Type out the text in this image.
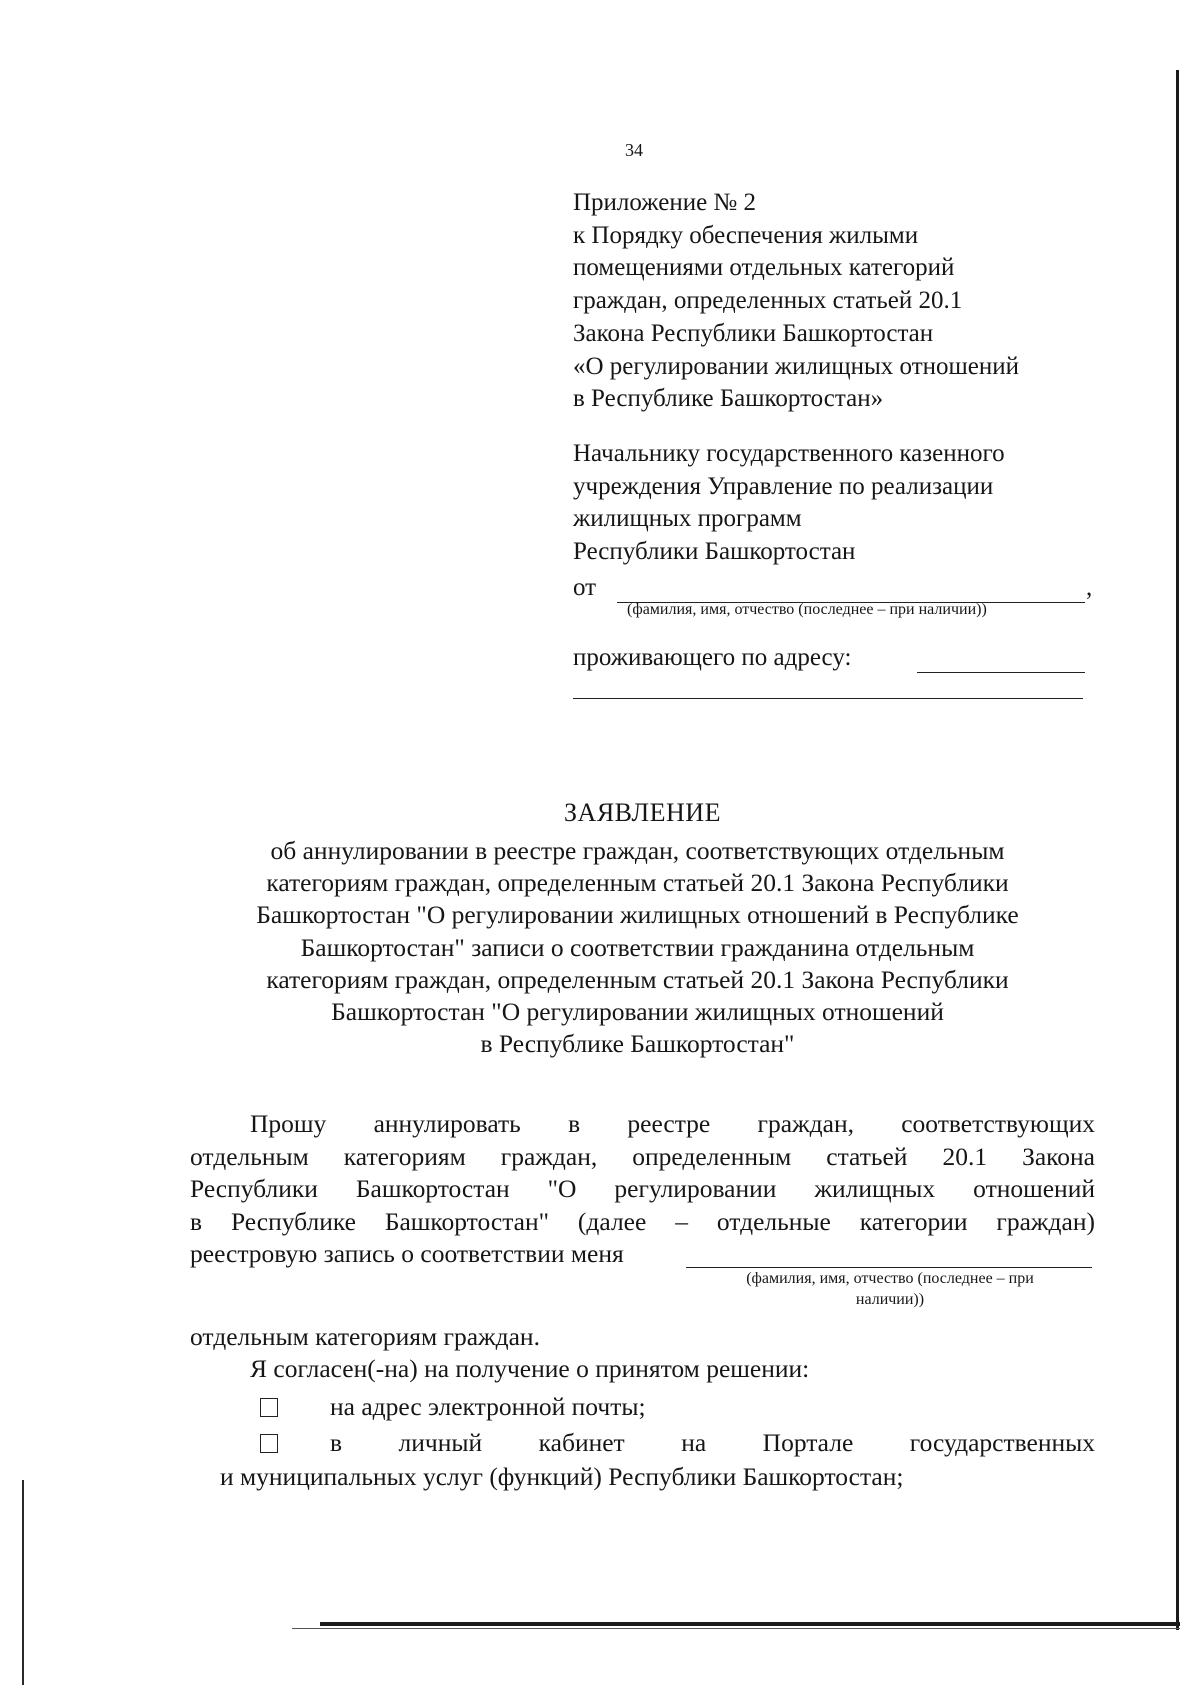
34
Приложение № 2
к Порядку обеспечения жилыми
помещениями отдельных категорий
граждан, определенных статьей 20.1
Закона Республики Башкортостан
«О регулировании жилищных отношений
в Республике Башкортостан»
Начальнику государственного казенного
учреждения Управление по реализации
жилищных программ
Республики Башкортостан
от	,
(фамилия, имя, отчество (последнее – при наличии))
проживающего по адресу:
ЗАЯВЛЕНИЕ
об аннулировании в реестре граждан, соответствующих отдельным
категориям граждан, определенным статьей 20.1 Закона Республики
Башкортостан "О регулировании жилищных отношений в Республике
Башкортостан" записи о соответствии гражданина отдельным
категориям граждан, определенным статьей 20.1 Закона Республики
Башкортостан "О регулировании жилищных отношений
в Республике Башкортостан"
Прошу аннулировать в реестре граждан, соответствующих
отдельным категориям граждан, определенным статьей 20.1 Закона
Республики Башкортостан "О регулировании жилищных отношений
в Республике Башкортостан" (далее – отдельные категории граждан)
реестровую запись о соответствии меня
(фамилия, имя, отчество (последнее – при
наличии))
отдельным категориям граждан.
Я согласен(-на) на получение о принятом решении:
на адрес электронной почты;
в личный кабинет на Портале государственных
и муниципальных услуг (функций) Республики Башкортостан;
